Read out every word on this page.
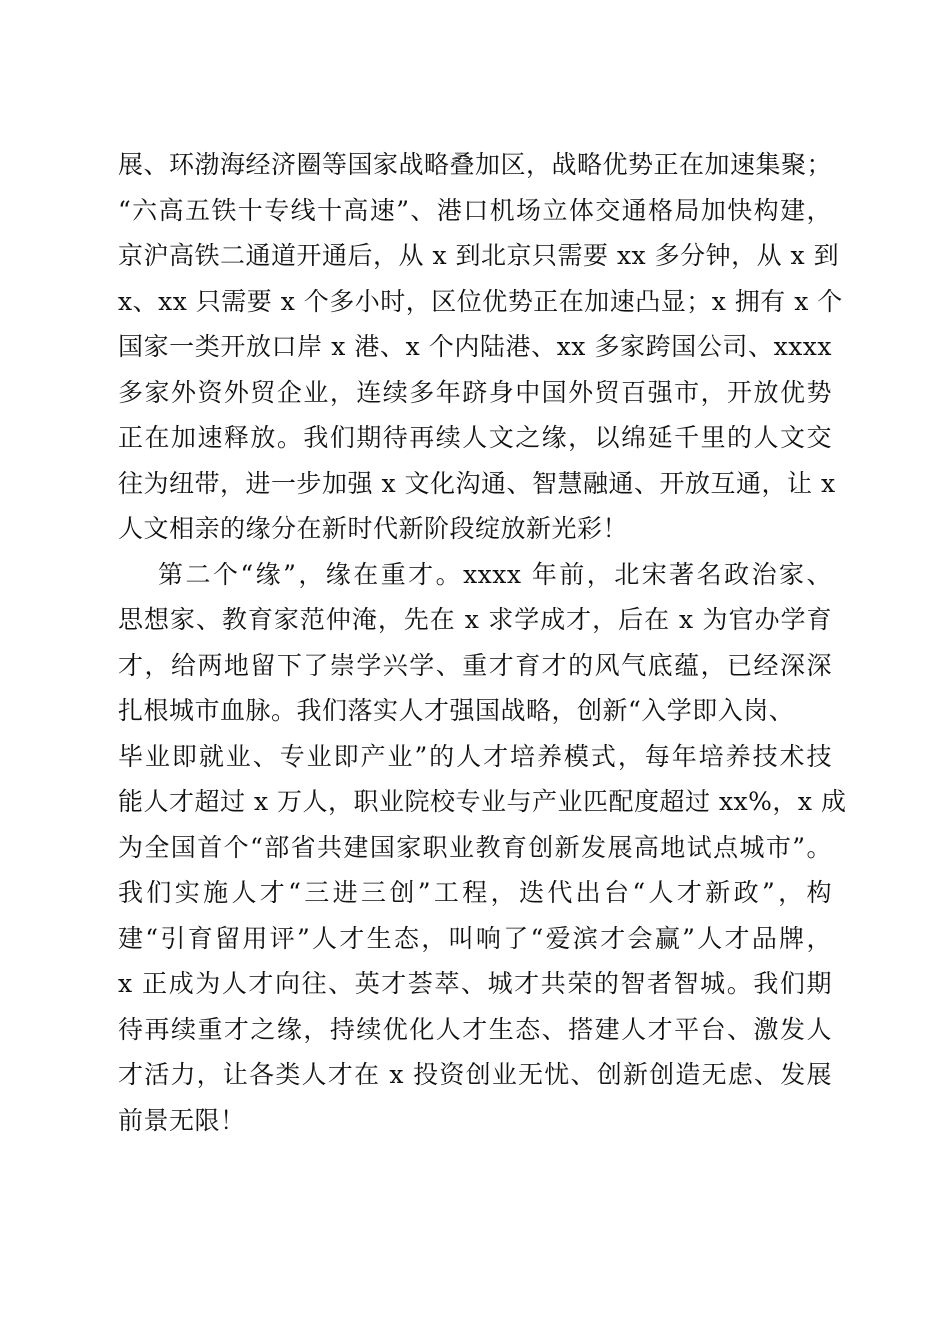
展、环渤海经济圈等国家战略叠加区，战略优势正在加速集聚；
“六高五铁十专线十高速”、港口机场立体交通格局加快构建，
京沪高铁二通道开通后，从 x 到北京只需要 xx 多分钟，从 x 到
x、xx 只需要 x 个多小时，区位优势正在加速凸显；x 拥有 x 个
国家一类开放口岸 x 港、x 个内陆港、xx 多家跨国公司、xxxx
多家外资外贸企业，连续多年跻身中国外贸百强市，开放优势
正在加速释放。我们期待再续人文之缘，以绵延千里的人文交
往为纽带，进一步加强 x 文化沟通、智慧融通、开放互通，让 x
人文相亲的缘分在新时代新阶段绽放新光彩！
第二个“缘”，缘在重才。xxxx 年前，北宋著名政治家、
思想家、教育家范仲淹，先在 x 求学成才，后在 x 为官办学育
才，给两地留下了崇学兴学、重才育才的风气底蕴，已经深深
扎根城市血脉。我们落实人才强国战略，创新“入学即入岗、
毕业即就业、专业即产业”的人才培养模式，每年培养技术技
能人才超过 x 万人，职业院校专业与产业匹配度超过 xx%，x 成
为全国首个“部省共建国家职业教育创新发展高地试点城市”。
我们实施人才“三进三创”工程，迭代出台“人才新政”，构
建“引育留用评”人才生态，叫响了“爱滨才会赢”人才品牌，
x 正成为人才向往、英才荟萃、城才共荣的智者智城。我们期
待再续重才之缘，持续优化人才生态、搭建人才平台、激发人
才活力，让各类人才在 x 投资创业无忧、创新创造无虑、发展
前景无限！
